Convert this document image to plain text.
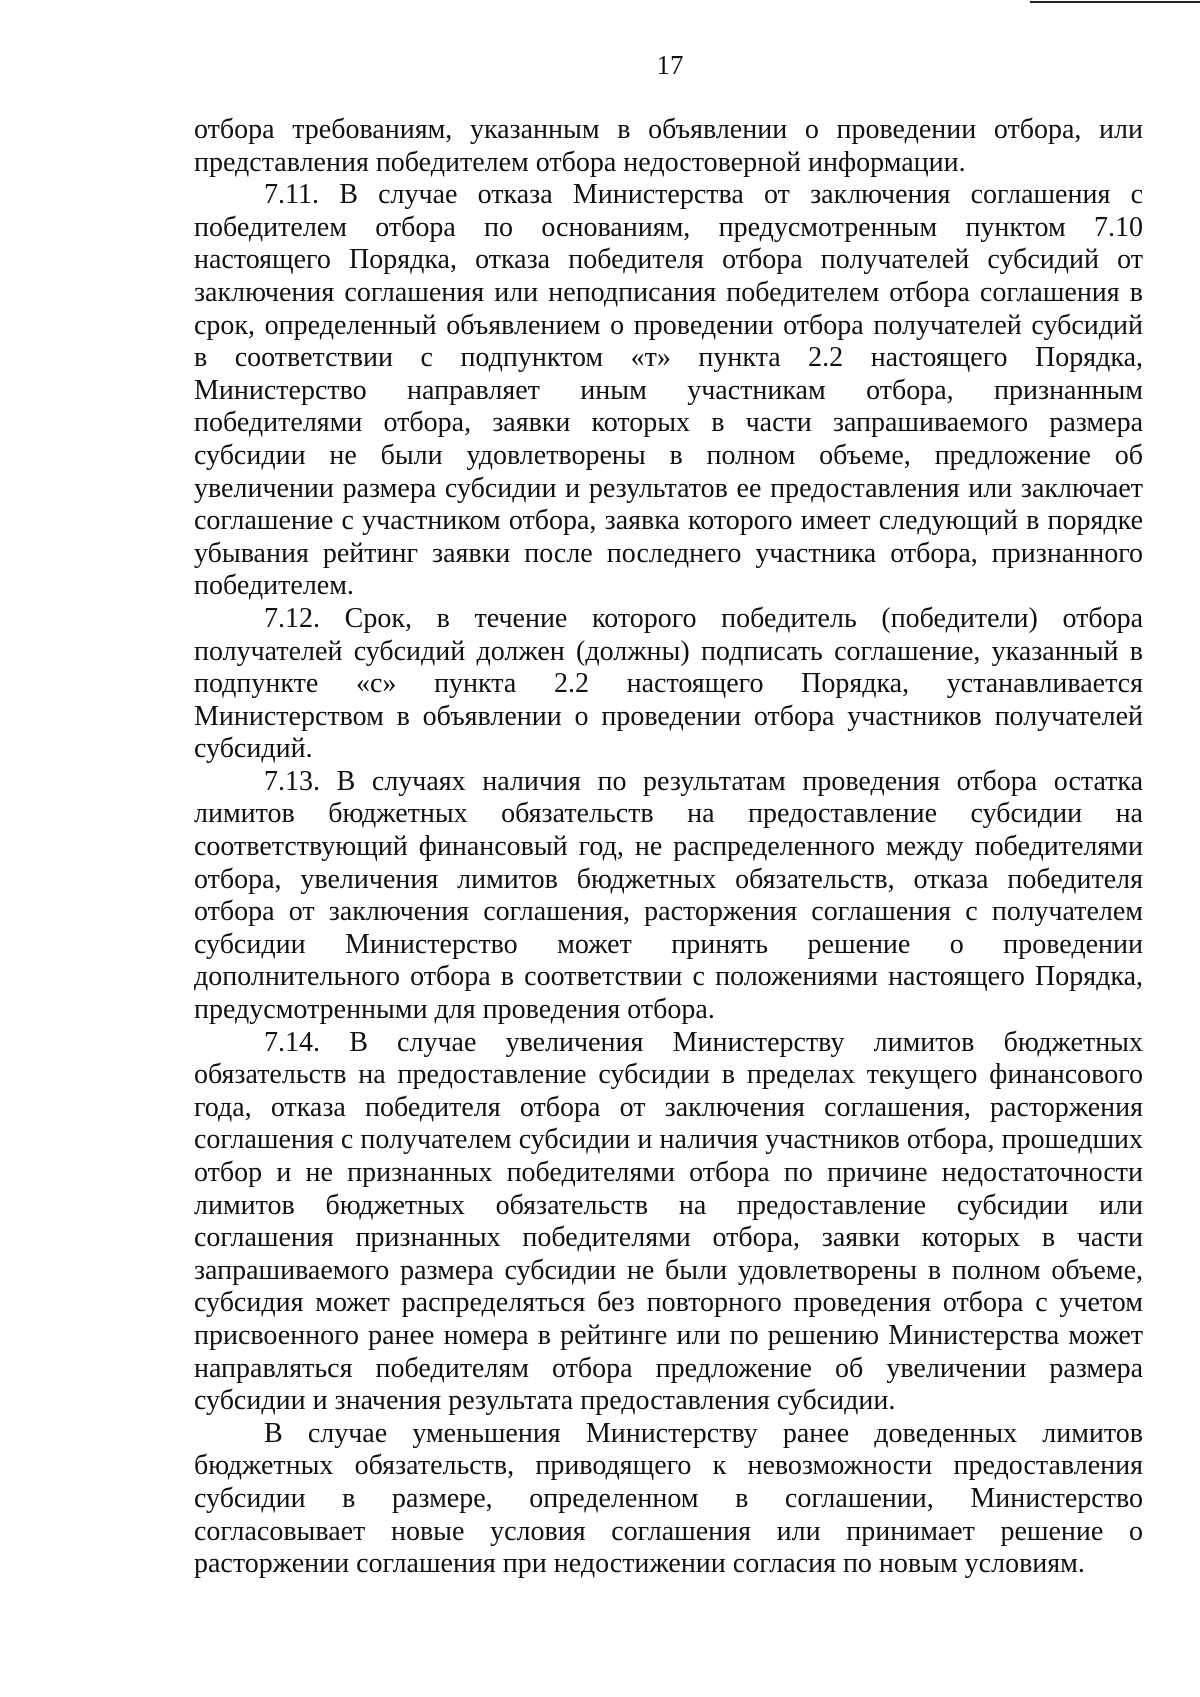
17

отбора требованиям, указанным в объявлении о проведении отбора, или представления победителем отбора недостоверной информации.

7.11. В случае отказа Министерства от заключения соглашения с победителем отбора по основаниям, предусмотренным пунктом 7.10 настоящего Порядка, отказа победителя отбора получателей субсидий от заключения соглашения или неподписания победителем отбора соглашения в срок, определенный объявлением о проведении отбора получателей субсидий в соответствии с подпунктом «т» пункта 2.2 настоящего Порядка, Министерство направляет иным участникам отбора, признанным победителями отбора, заявки которых в части запрашиваемого размера субсидии не были удовлетворены в полном объеме, предложение об увеличении размера субсидии и результатов ее предоставления или заключает соглашение с участником отбора, заявка которого имеет следующий в порядке убывания рейтинг заявки после последнего участника отбора, признанного победителем.

7.12. Срок, в течение которого победитель (победители) отбора получателей субсидий должен (должны) подписать соглашение, указанный в подпункте «с» пункта 2.2 настоящего Порядка, устанавливается Министерством в объявлении о проведении отбора участников получателей субсидий.

7.13. В случаях наличия по результатам проведения отбора остатка лимитов бюджетных обязательств на предоставление субсидии на соответствующий финансовый год, не распределенного между победителями отбора, увеличения лимитов бюджетных обязательств, отказа победителя отбора от заключения соглашения, расторжения соглашения с получателем субсидии Министерство может принять решение о проведении дополнительного отбора в соответствии с положениями настоящего Порядка, предусмотренными для проведения отбора.

7.14. В случае увеличения Министерству лимитов бюджетных обязательств на предоставление субсидии в пределах текущего финансового года, отказа победителя отбора от заключения соглашения, расторжения соглашения с получателем субсидии и наличия участников отбора, прошедших отбор и не признанных победителями отбора по причине недостаточности лимитов бюджетных обязательств на предоставление субсидии или соглашения признанных победителями отбора, заявки которых в части запрашиваемого размера субсидии не были удовлетворены в полном объеме, субсидия может распределяться без повторного проведения отбора с учетом присвоенного ранее номера в рейтинге или по решению Министерства может направляться победителям отбора предложение об увеличении размера субсидии и значения результата предоставления субсидии.

В случае уменьшения Министерству ранее доведенных лимитов бюджетных обязательств, приводящего к невозможности предоставления субсидии в размере, определенном в соглашении, Министерство согласовывает новые условия соглашения или принимает решение о расторжении соглашения при недостижении согласия по новым условиям.
